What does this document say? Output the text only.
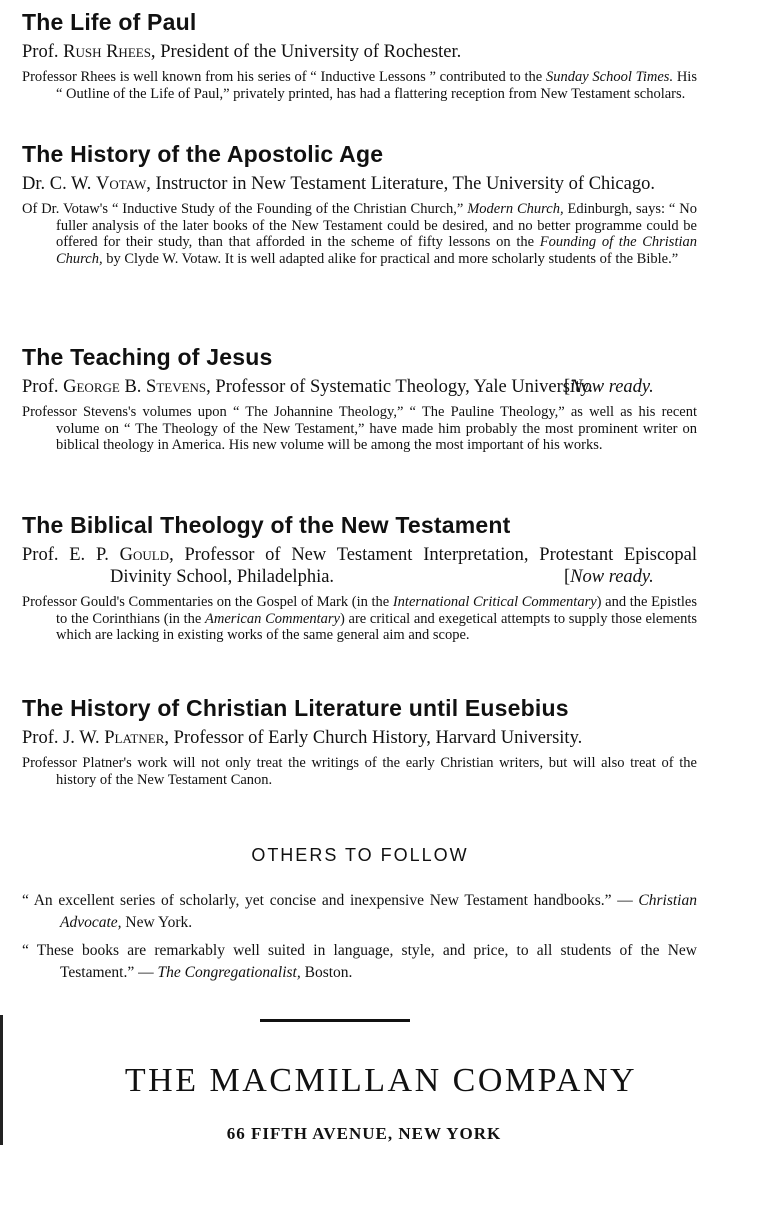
The Life of Paul

Prof. Rush Rhees, President of the University of Rochester.

Professor Rhees is well known from his series of “ Inductive Lessons ” contributed to the Sunday School Times. His “ Outline of the Life of Paul,” privately printed, has had a flattering reception from New Testament scholars.

The History of the Apostolic Age

Dr. C. W. Votaw, Instructor in New Testament Literature, The University of Chicago.

Of Dr. Votaw's “ Inductive Study of the Founding of the Christian Church,” Modern Church, Edinburgh, says: “ No fuller analysis of the later books of the New Testament could be desired, and no better programme could be offered for their study, than that afforded in the scheme of fifty lessons on the Founding of the Christian Church, by Clyde W. Votaw. It is well adapted alike for practical and more scholarly students of the Bible.”

The Teaching of Jesus

Prof. George B. Stevens, Professor of Systematic Theology, Yale University.
[ Now ready.

Professor Stevens's volumes upon “ The Johannine Theology,” “ The Pauline Theology,” as well as his recent volume on “ The Theology of the New Testament,” have made him probably the most prominent writer on biblical theology in America. His new volume will be among the most important of his works.

The Biblical Theology of the New Testament

Prof. E. P. Gould, Professor of New Testament Interpretation, Protestant Episcopal Divinity School, Philadelphia.
[	Now ready.

Professor Gould's Commentaries on the Gospel of Mark (in the International Critical Commentary) and the Epistles to the Corinthians (in the American Commentary) are critical and exegetical attempts to supply those elements which are lacking in existing works of the same general aim and scope.

The History of Christian Literature until Eusebius

Prof. J. W. Platner, Professor of Early Church History, Harvard University.

Professor Platner's work will not only treat the writings of the early Christian writers, but will also treat of the history of the New Testament Canon.

OTHERS TO FOLLOW

“ An excellent series of scholarly, yet concise and inexpensive New Testament handbooks.” — Christian Advocate, New York.

“ These books are remarkably well suited in language, style, and price, to all students of the New Testament.” — The Congregationalist, Boston.

THE MACMILLAN COMPANY
66 FIFTH AVENUE, NEW YORK
